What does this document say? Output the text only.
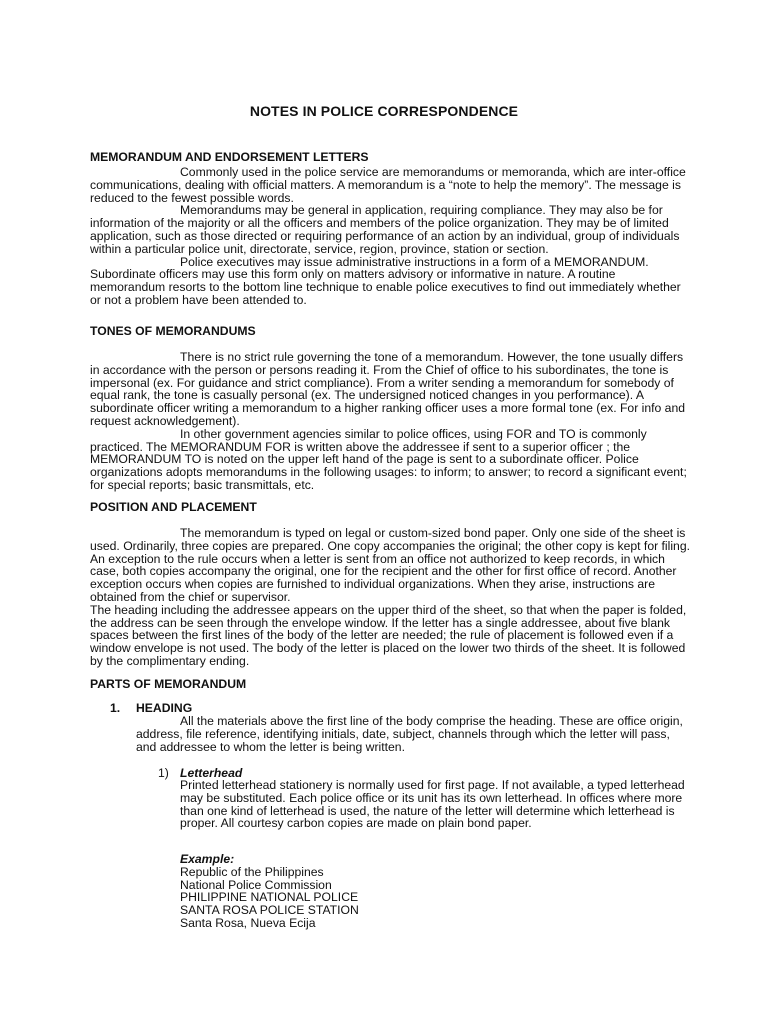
NOTES IN POLICE CORRESPONDENCE
MEMORANDUM AND ENDORSEMENT LETTERS

Commonly used in the police service are memorandums or memoranda, which are inter-office communications, dealing with official matters. A memorandum is a “note to help the memory”. The message is reduced to the fewest possible words.

Memorandums may be general in application, requiring compliance. They may also be for information of the majority or all the officers and members of the police organization. They may be of limited application, such as those directed or requiring performance of an action by an individual, group of individuals within a particular police unit, directorate, service, region, province, station or section.

Police executives may issue administrative instructions in a form of a MEMORANDUM. Subordinate officers may use this form only on matters advisory or informative in nature. A routine memorandum resorts to the bottom line technique to enable police executives to find out immediately whether or not a problem have been attended to.

TONES OF MEMORANDUMS

There is no strict rule governing the tone of a memorandum. However, the tone usually differs in accordance with the person or persons reading it. From the Chief of office to his subordinates, the tone is impersonal (ex. For guidance and strict compliance). From a writer sending a memorandum for somebody of equal rank, the tone is casually personal (ex. The undersigned noticed changes in you performance). A subordinate officer writing a memorandum to a higher ranking officer uses a more formal tone (ex. For info and request acknowledgement).

In other government agencies similar to police offices, using FOR and TO is commonly practiced. The MEMORANDUM FOR is written above the addressee if sent to a superior officer ; the MEMORANDUM TO is noted on the upper left hand of the page is sent to a subordinate officer. Police organizations adopts memorandums in the following usages: to inform; to answer; to record a significant event; for special reports; basic transmittals, etc.

POSITION AND PLACEMENT

The memorandum is typed on legal or custom-sized bond paper. Only one side of the sheet is used. Ordinarily, three copies are prepared. One copy accompanies the original; the other copy is kept for filing. An exception to the rule occurs when a letter is sent from an office not authorized to keep records, in which case, both copies accompany the original, one for the recipient and the other for first office of record. Another exception occurs when copies are furnished to individual organizations. When they arise, instructions are obtained from the chief or supervisor.

The heading including the addressee appears on the upper third of the sheet, so that when the paper is folded, the address can be seen through the envelope window. If the letter has a single addressee, about five blank spaces between the first lines of the body of the letter are needed; the rule of placement is followed even if a window envelope is not used. The body of the letter is placed on the lower two thirds of the sheet. It is followed by the complimentary ending.

PARTS OF MEMORANDUM
1. HEADING
All the materials above the first line of the body comprise the heading. These are office origin, address, file reference, identifying initials, date, subject, channels through which the letter will pass, and addressee to whom the letter is being written.
1) Letterhead
Printed letterhead stationery is normally used for first page. If not available, a typed letterhead may be substituted. Each police office or its unit has its own letterhead. In offices where more than one kind of letterhead is used, the nature of the letter will determine which letterhead is proper. All courtesy carbon copies are made on plain bond paper.
Example:
Republic of the Philippines
National Police Commission
PHILIPPINE NATIONAL POLICE
SANTA ROSA POLICE STATION
Santa Rosa, Nueva Ecija
